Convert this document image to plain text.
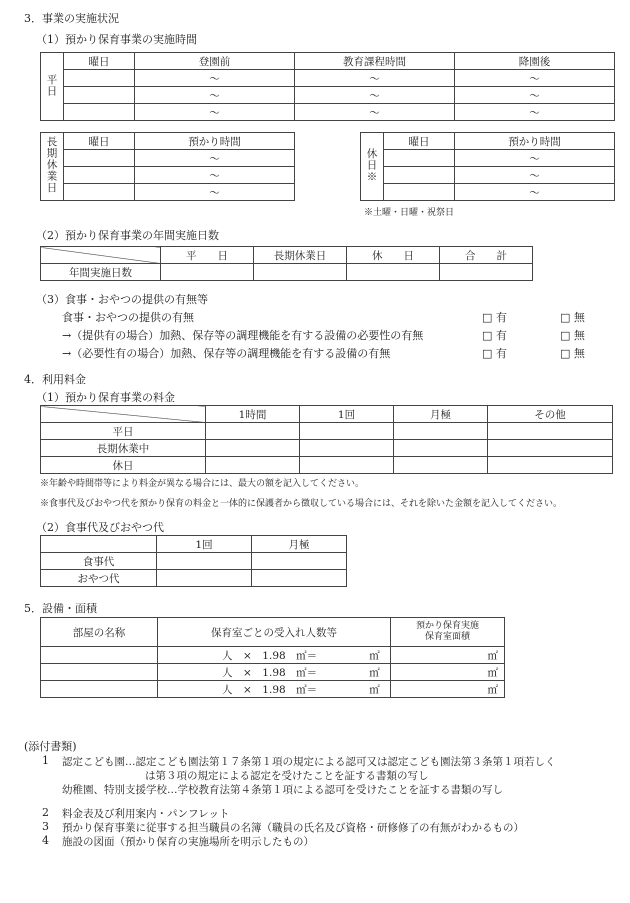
3．事業の実施状況
（1）預かり保育事業の実施時間
平日	曜日	登園前	教育課程時間	降園後
		～	～	～
		～	～	～
		～	～	～
長期休業日	曜日	預かり時間
		～
		～
		～
休日※	曜日	預かり時間
		～
		～
		～
※土曜・日曜・祝祭日
（2）預かり保育事業の年間実施日数
	平　　日	長期休業日	休　　日	合　　計
年間実施日数				
（3）食事・おやつの提供の有無等
食事・おやつの提供の有無	□ 有	□ 無
→（提供有の場合）加熱、保存等の調理機能を有する設備の必要性の有無	□ 有	□ 無
→（必要性有の場合）加熱、保存等の調理機能を有する設備の有無	□ 有	□ 無
4．利用料金
（1）預かり保育事業の料金
	1時間	1回	月極	その他
平日				
長期休業中				
休日				
※年齢や時間帯等により料金が異なる場合には、最大の額を記入してください。
※食事代及びおやつ代を預かり保育の料金と一体的に保護者から徴収している場合には、それを除いた金額を記入してください。
（2）食事代及びおやつ代
	1回	月極
食事代		
おやつ代		
5．設備・面積
部屋の名称	保育室ごとの受入れ人数等	預かり保育実施
保育室面積

	人　×　1.98　㎡＝ ㎡	㎡
	人　×　1.98　㎡＝ ㎡	㎡
	人　×　1.98　㎡＝ ㎡	㎡
(添付書類)
1 認定こども園…認定こども園法第１７条第１項の規定による認可又は認定こども園法第３条第１項若しく
は第３項の規定による認定を受けたことを証する書類の写し
幼稚園、特別支援学校…学校教育法第４条第１項による認可を受けたことを証する書類の写し
2 料金表及び利用案内・パンフレット
3 預かり保育事業に従事する担当職員の名簿（職員の氏名及び資格・研修修了の有無がわかるもの）
4 施設の図面（預かり保育の実施場所を明示したもの）
